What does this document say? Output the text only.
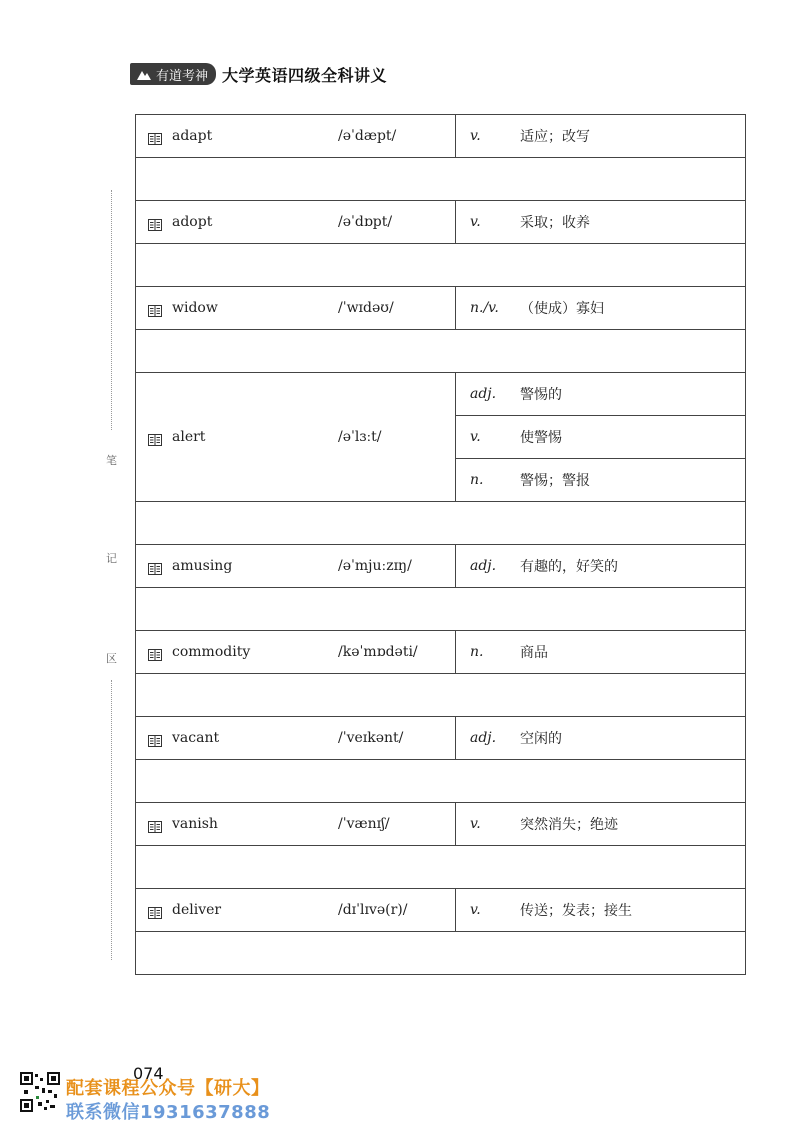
有道考神 大学英语四级全科讲义
笔
记
区
adapt /əˈdæpt/	v. 适应；改写

adopt /əˈdɒpt/	v. 采取；收养

widow /ˈwɪdəʊ/	n./v. （使成）寡妇

alert /əˈlɜːt/	adj. 警惕的

	v. 使警惕

	n. 警惕；警报

amusing /əˈmjuːzɪŋ/	adj. 有趣的，好笑的

commodity /kəˈmɒdəti/	n. 商品

vacant /ˈveɪkənt/	adj. 空闲的

vanish /ˈvænɪʃ/	v. 突然消失；绝迹

deliver /dɪˈlɪvə(r)/	v. 传送；发表；接生

074
配套课程公众号【研大】
联系微信1931637888
